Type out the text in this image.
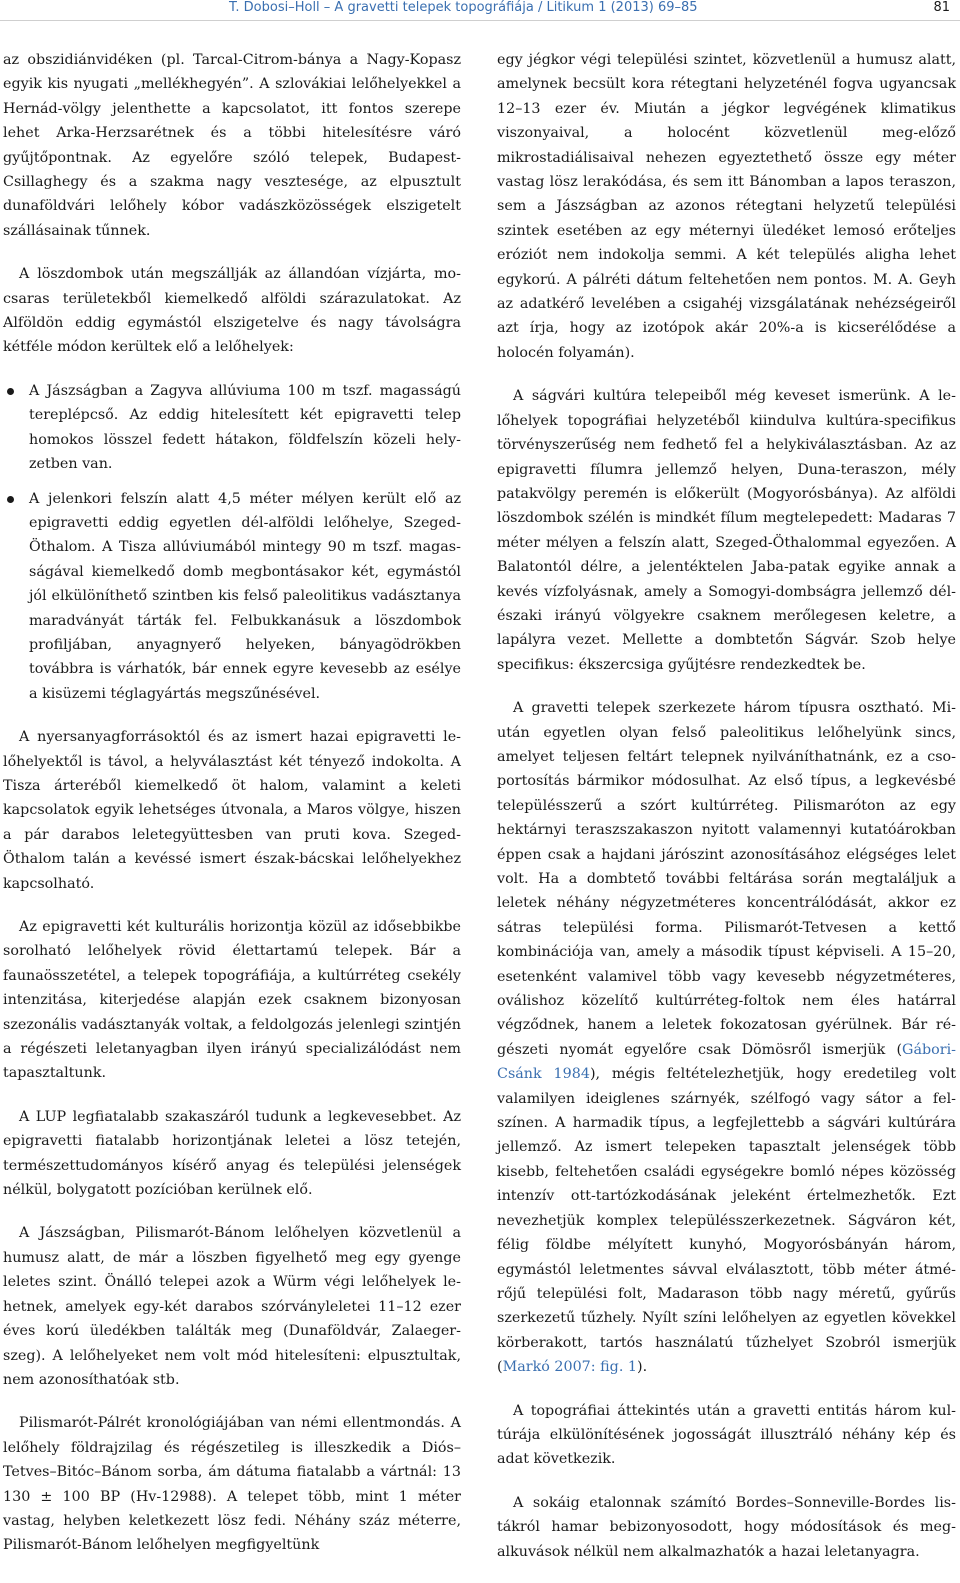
T. Dobosi–Holl – A gravetti telepek topográfiája / Litikum 1 (2013) 69–85	81

az obszidiánvidéken (pl. Tarcal-Citrom-bánya a Nagy-Kopasz egyik kis nyugati „mellékhegyén”. A szlovákiai lelőhelyekkel a Hernád-völgy jelenthette a kapcsolatot, itt fontos szerepe lehet Arka-Herzsarétnek és a többi hitelesítésre váró gyűjtőpontnak. Az egyelőre szóló telepek, Budapest-Csillaghegy és a szakma nagy vesztesége, az elpusztult dunaföldvári lelőhely kóbor vadászközösségek elszigetelt szállásainak tűnnek.

A löszdombok után megszállják az állandóan vízjárta, mocsaras területekből kiemelkedő alföldi szárazulatokat. Az Alföldön eddig egymástól elszigetelve és nagy távolságra kétféle módon kerültek elő a lelőhelyek:

A Jászságban a Zagyva allúviuma 100 m tszf. magasságú tereplépcső. Az eddig hitelesített két epigravetti telep homokos lösszel fedett hátakon, földfelszín közeli helyzetben van.
A jelenkori felszín alatt 4,5 méter mélyen került elő az epigravetti eddig egyetlen dél-alföldi lelőhelye, Szeged-Öthalom. A Tisza allúviumából mintegy 90 m tszf. magasságával kiemelkedő domb megbontásakor két, egymástól jól elkülöníthető szintben kis felső paleolitikus vadásztanya maradványát tárták fel. Felbukkanásuk a löszdombok profiljában, anyagnyerő helyeken, bányagödrökben továbbra is várhatók, bár ennek egyre kevesebb az esélye a kisüzemi téglagyártás megszűnésével.

A nyersanyagforrásoktól és az ismert hazai epigravetti lelőhelyektől is távol, a helyválasztást két tényező indokolta. A Tisza árteréből kiemelkedő öt halom, valamint a keleti kapcsolatok egyik lehetséges útvonala, a Maros völgye, hiszen a pár darabos leletegyüttesben van pruti kova. Szeged-Öthalom talán a kevéssé ismert észak-bácskai lelőhelyekhez kapcsolható.

Az epigravetti két kulturális horizontja közül az idősebbikbe sorolható lelőhelyek rövid élettartamú telepek. Bár a faunaösszetétel, a telepek topográfiája, a kultúrréteg csekély intenzitása, kiterjedése alapján ezek csaknem bizonyosan szezonális vadásztanyák voltak, a feldolgozás jelenlegi szintjén a régészeti leletanyagban ilyen irányú specializálódást nem tapasztaltunk.

A LUP legfiatalabb szakaszáról tudunk a legkevesebbet. Az epigravetti fiatalabb horizontjának leletei a lösz tetején, természettudományos kísérő anyag és települési jelenségek nélkül, bolygatott pozícióban kerülnek elő.

A Jászságban, Pilismarót-Bánom lelőhelyen közvetlenül a humusz alatt, de már a löszben figyelhető meg egy gyenge leletes szint. Önálló telepei azok a Würm végi lelőhelyek lehetnek, amelyek egy-két darabos szórványleletei 11–12 ezer éves korú üledékben találták meg (Dunaföldvár, Zalaegerszeg). A lelőhelyeket nem volt mód hitelesíteni: elpusztultak, nem azonosíthatóak stb.

Pilismarót-Pálrét kronológiájában van némi ellentmondás. A lelőhely földrajzilag és régészetileg is illeszkedik a Diós–Tetves–Bitóc–Bánom sorba, ám dátuma fiatalabb a vártnál: 13 130 ± 100 BP (Hv-12988). A telepet több, mint 1 méter vastag, helyben keletkezett lösz fedi. Néhány száz méterre, Pilismarót-Bánom lelőhelyen megfigyeltünk

egy jégkor végi települési szintet, közvetlenül a humusz alatt, amelynek becsült kora rétegtani helyzeténél fogva ugyancsak 12–13 ezer év. Miután a jégkor legvégének klimatikus viszonyaival, a holocént közvetlenül meg-előző mikrostadiálisaival nehezen egyeztethető össze egy méter vastag lösz lerakódása, és sem itt Bánomban a lapos teraszon, sem a Jászságban az azonos rétegtani helyzetű települési szintek esetében az egy méternyi üledéket lemosó erőteljes eróziót nem indokolja semmi. A két település aligha lehet egykorú. A pálréti dátum feltehetően nem pontos. M. A. Geyh az adatkérő levelében a csigahéj vizsgálatának nehézségeiről azt írja, hogy az izotópok akár 20%-a is kicserélődése a holocén folyamán).

A ságvári kultúra telepeiből még keveset ismerünk. A lelőhelyek topográfiai helyzetéből kiindulva kultúra-specifikus törvényszerűség nem fedhető fel a helykiválasztásban. Az az epigravetti fílumra jellemző helyen, Duna-teraszon, mély patakvölgy peremén is előkerült (Mogyorósbánya). Az alföldi löszdombok szélén is mindkét fílum megtelepedett: Madaras 7 méter mélyen a felszín alatt, Szeged-Öthalommal egyezően. A Balatontól délre, a jelentéktelen Jaba-patak egyike annak a kevés vízfolyásnak, amely a Somogyi-dombságra jellemző dél-északi irányú völgyekre csaknem merőlegesen keletre, a lapályra vezet. Mellette a dombtetőn Ságvár. Szob helye specifikus: ékszercsiga gyűjtésre rendezkedtek be.

A gravetti telepek szerkezete három típusra osztható. Miután egyetlen olyan felső paleolitikus lelőhelyünk sincs, amelyet teljesen feltárt telepnek nyilváníthatnánk, ez a csoportosítás bármikor módosulhat. Az első típus, a legkevésbé településszerű a szórt kultúrréteg. Pilismaróton az egy hektárnyi teraszszakaszon nyitott valamennyi kutatóárokban éppen csak a hajdani járószint azonosításához elégséges lelet volt. Ha a dombtető további feltárása során megtaláljuk a leletek néhány négyzetméteres koncentrálódását, akkor ez sátras települési forma. Pilismarót-Tetvesen a kettő kombinációja van, amely a második típust képviseli. A 15–20, esetenként valamivel több vagy kevesebb négyzetméteres, oválishoz közelítő kultúrréteg-foltok nem éles határral végződnek, hanem a leletek fokozatosan gyérülnek. Bár régészeti nyomát egyelőre csak Dömösről ismerjük (Gábori-Csánk 1984), mégis feltételezhetjük, hogy eredetileg volt valamilyen ideiglenes szárnyék, szélfogó vagy sátor a felszínen. A harmadik típus, a legfejlettebb a ságvári kultúrára jellemző. Az ismert telepeken tapasztalt jelenségek több kisebb, feltehetően családi egységekre bomló népes közösség intenzív ott-tartózkodásának jeleként értelmezhetők. Ezt nevezhetjük komplex településszerkezetnek. Ságváron két, félig földbe mélyített kunyhó, Mogyorósbányán három, egymástól leletmentes sávval elválasztott, több méter átmérőjű települési folt, Madarason több nagy méretű, gyűrűs szerkezetű tűzhely. Nyílt színi lelőhelyen az egyetlen kövekkel körberakott, tartós használatú tűzhelyet Szobról ismerjük (Markó 2007: fig. 1).

A topográfiai áttekintés után a gravetti entitás három kultúrája elkülönítésének jogosságát illusztráló néhány kép és adat következik.

A sokáig etalonnak számító Bordes–Sonneville-Bordes listákról hamar bebizonyosodott, hogy módosítások és megalkuvások nélkül nem alkalmazhatók a hazai leletanyagra.
